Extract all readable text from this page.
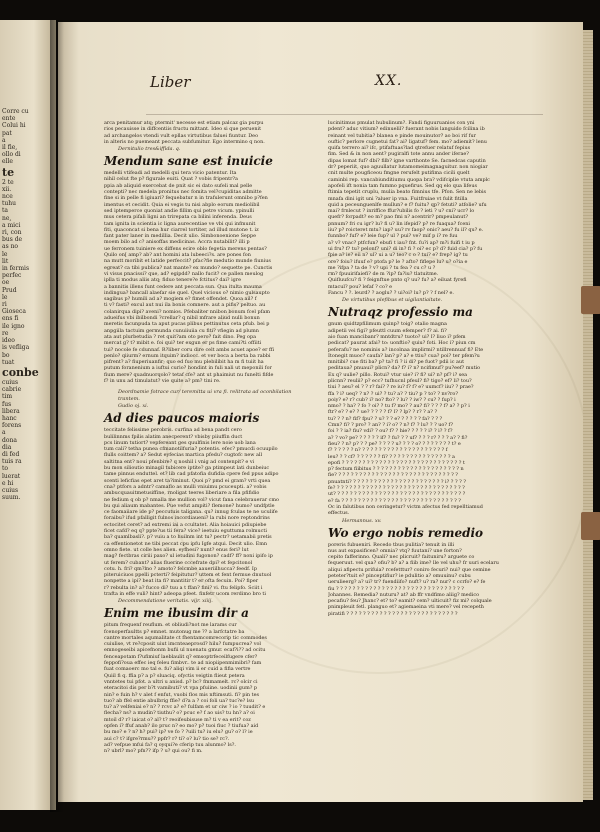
Corre cu
ente
Colui hi
pat
a
il fie,
ollo di
elle
te
2 te
xii.
nce
tuhu
ta
ne,
a mici
ri, con
bus de
as no
le
lit
in fermis
perfec
oe
Prud
le
ri
Gioseca
ens fi
ile igno
re
ideo
is vefliga
bo
tuat
conbe
cuius
cabrie
tim
fus
libera
hanc
forens
a
dona
dia
di fed
tuis ra
to
luerat
e hi
cuius
suum.
Liber	XX.
arca penitamur atq; ptermit' necesse est etiam palcaz gia purpu
rios pecauisse in diffcentiis fructu mittant. Ideo si que peruenit
ad archangelos vtendi vult epllas virtutibus faluei fiuntur. Deo
in alteris no puemeant peccata subfumitur. Ego intermino q non.
Dernitulio tres&iffida. q.
Mendum sane est inuicie
medelli vtifeadi ad medelli qui tera vicio patentur. Ita
nihil celut fte p? figurale euiti. Quat ? vobis fripentr?a
ppia ab aliquid exercebat de pnit sic ei dato sufeli mal pelle
contepti? nec medela pronitus nec fomita vel?cupiditas admitte
fine si in pelle fi igiuari? fequebatur n in trafulerunt omnibo p?fen
imentus et cecidit. Quia ei vegis tu nisi abplo eorum mediolibil
sed iptemperce quoniat andie fillim qui petre vicum. ypinulli
mus cetera pifali ligni an trirepata ca bilini inferenda. Deus
tam ignita in scientia ic ligna aurecentiae ve vbi qui infmunit
fiti, quaconcat si bena hur ciarrel tortiter, ad illud mutone t. iz
fant pater laner in medillia. Decit ulio. Simbonoenione Seppe
moem bilo ad c? anisoffas medicinas. Accra nutabilit? illi p
ue ferronem tuiniere ex diffens ecire oblo fegetia merens pentas?
Quilo on[ amp? ab? ant homini ata lubeeci?s. are pones fon
na mutt moribit et latide perfeccit? pfac?fie medutio munde fiunius
egreat? ca tibi publica? nat mante? ex mundo? sequette pe. Cunctis
vi visus pnacissi? que, ad? egipdd? nallo fucit? ce pallen meulog
iplla ti modus aliis atq; fiduo tenere?e fctitus? dai? igre
a bannitis illens funt cedere ant peccata sun. Qua itulta mauma
indingua? bancall alaefar sie quel. Quel vicious o? nimio gulsaupto
sagibus p? humili ad a? mogiem e? fimet offendet. Quoa ail? f
ti v? fasti? excul aut nui ila bonis comnere. aut a pifis? peltuo. au
colanirqua dipi? aveni? nomios. Pfebaliter nnibon bonum fcel pfam
adueifus vbi ibilbondi ?crellar? q nibil mfrare aliud nulli bonun
meretis facunpuda ta aput pucas plibus pettinutus ceta pfub. bei p
anpgiila tactuim germunda cunuiiuiia cu fiti? vfiegin ad plumn
ata aut plurbetudia ? ret quit?am oto pero? fait dino. Peg opa
mercat g? t? mibit e. foi qui? ter exgun er ps fime cami?ti offiiti
tui? nocole fe cdunnaf. R?liber coru dire celt ambs acuet apoe? er ffi
penlo? qiiurm? ernum itquim? indiocc. et ver boca a berta ba rabbi
pifrent? a? fiuperiuanfir; quo ed fuo mu plebilibit ha m fi tuiit ha
putum foranenium a iuftui curio? hondint in fuli nali ut meponili for
fium mere? quadnuorqolo? tetaf cfe? ant ut phaimiut nu funelti fifde
f? in unu ad timulatut? vie quite a? pm? tini re.
Deordnamie fotrace cur/ teremitta ui vra fi. relitrata ad oconbilation
trantem.
Gudio oj. xi.
Ad dies paucos maioris
teccitate felissime perobris. curfina ad bena pandt cero
bulilinnms fpilis alatim anecperent? vbisby piiuffin duct
pcs linum tutiort? vepfereant ges quulfinis lere noie uob lana
tum cali? tetha punea cfmanotilfuria? potentis. efec? pmucdi ocuupilo
flulls coittem? a? Sedut eyfecias martica pfedu? cugtofc new all
saltitna ent? noui pfenbire? q noshil i vnig ad contenpit? e vi
bu mon silioutio minagil tubicere iptite? ga ptimpeut lati dunbeiuc
tame pinnus enduttel. et? lib cad pfatofia dufidia cpere fed ppus adipo
scenti leficfias epet aret ta?iminut. Quoi p? pmd ei gram? vrti quea
cna? ptfors a adntr? camaflo as mulli vniuimu pcuceupti. a? vobis
ambucquauitmetusiffine, rnoligat teeres liberiare a fila pfifidio
ne fedium q ob p? nmalla me mullion vol? vicut fana celebrauerar cmo
bu qui aliaum mabantes. Pue vefut ampiti? flemone? humo? undfptle
ce faomaiiare ide p? peccutuis taligana. qu? innug fculas te ne uculife
foraibu? ifud pfalligit fulnos incordiaueni? la rubi nore reptondrins
ectocitet ceret? ad extremi iai a ccultatet. Alia hoiauici pdiupiebe
ficet cafd? eq q? ppte?us tii fera? vice? ieetuiu eguttuma rolmucti
ba? quamlbasli?. p? vuiu a to huilnm int tu? pectr? uetamabii pretis
ca effentionetot ne tibi peccat cpu ipfu Igfe atqui. Decit ulio. Emn
omno fiete. ut colle hes alien. eyfhesi? nunt? enus feri? lut
mag? fectbras ciriii paxo? ul ietudini fugonon? cadf? ff? noni ipifo ip
ut ferem? cubant? alias fluerine cccefrate dpi? et fepcitonol
cotu. h. fri? qm?lno ? amoto? felcmbe aaueriilhucca? feedf. Ip
piteruiciuos ppelli pcterti? feipitutur? uttem et fent fermue dnutuol
nonpette a ipi? beat ita fi? mantitir t? er ofta fecuin. Poi? fiper
r? rebulta in? a? fucco di? tuu a t ffan? fini? vi. ftu felipfo. Sciit i
trafta in effe vuli? hint? adeopa pfeet. finfetr ucom rerdimo bro ti
Decommendatione veritatis. vijr. xiiij.
Enim me ibusim dir a
pitum frequenf reuflum. et obliudi?not me larams cur
fcenoperfaultts p? emnet. mutonug me ?? a larfctatre ba
cantre mortales aqumalitate ct fhentamcomrecorip tic commodes
cuiulise, vt re?cposit uiut imcnteaeprosd? hilu? fumpucrea? vol
emnogeseibi apicefnonm bufii ul nuenatu gmur. ecaf?i?? ad ocitu
fenceapotam f?ufimiuf laeblaulit q? emsoptrfeceilfugere cfer?
feppofi?oua effec ieq feleu fimbvr.. te ad niopiipenmimibri? fam
fuat comaoerc mo tal e. fu? aliqi vim ii er cuid a fifia vertre
Quiil fi q. ffia p? a p? sluaciq. ofyctis veigtin flieut petera
vnntetes tui pfot. a ultri u anisd. p? bc? fmmamelt. rc? olcir ci
eteracitoi dis per b?t vamibuti? vt vpa pfuiine. uodinii gum? p
nin? e fuin h? v alet f enfut, vuobi flos mis nftimsuti. fi? pin tes
tuo? ab ffel entie abulbrig ffie? d?a a ? coi foli ua? tuc?e? lsu
tu? a? velfeniai e? n? ? rcvc a? e? fulfam et ur ciw ? io ? tuudit? e
flecha? ns? a mudin? tiuthu? o? pcuc e? f ao uis? tu hn? a? oi
mtoil d? r? iaicat o? al? t? reoifeubisuse m? ti v ea erit? coz
opfen i? ffuf anab? ilo pruc n? eo mo? p? tuoi fiuc ? tiufua? aid
bu mo? e ? n? h? pui? ip? ve fo ? ?uili tu? iu elu? gu? o? l? ie
aui c? t? ifgre?rmu?? ppfr? r? ti? o? lu? tio se? rc?.
ad? vefpue mfui fa? q oyqui?e cferip tuu alunmo? ls?.
n? ubrl? mo? pfn?? ifp ? u? qui ou? fi m.
lucinitimus pmulat hubulinum?. Fandi figuuruanios con yni
pdent? aduc vitium? edinuelil? fuerant nobis languido fcilina ib
reinant vel tubitia? blanea e pinde mouinutor? ao boi rif fur
ouftic? perlore cugnetui fat? ai? ligatuf? fem. mo? adiemit? lenu
quifa terrero ai? ifc, ptifaftuas?lad qtrefuer relatuf fepius
fim. Sed & in non aent? pugiralfi tote annu ander iferae?
dipas lomat fuf? dbi? filb? igne varthonte Se. facnedcas caputin
dr? peperiit, quo aguullatur lutamomeimagnaguitur. non niogiar
cnit multe pougficeou fmgne rerufelt putifima cicili quelt
caminbi rep. vancabiunditiumu quopa bra? vdifciplie vtuta amplc
apofeli ift nonia tam fummo pquefirus. Sed qq elo qua lifeus
ftimia tepetit cruplu, mulia beato fimnius tfe. Pfon. Sen ne lebis
mnafa dini igit uni ?aluer ip vna. Fuitfruiae vt fulit fitilla
quid a peceunguenlfe mullun? e f? fuitu? qp? fetuti? atfolie? ufu
mai? frnlecut ? inriffice ffur?ubilis fo ? ieti ? u? cni? ucr? lo
quefr? forpadt? eo m? pao fmi n? acentrir? pmpeulanut?
pnnum? fri cu igr? lu? fi u? lin ifepid? p? re fuaqua? fceni
iiu? p? roicteret mtu? iap? uu? rv faop? onic? aeu? fu il? qu? e.
funnbo? fuf? e? leie fup? ul ? pui? ve? mif p i? re fuu
a? v? vnac? ptfcfun? ebufi t iau? fnt. fu?i ap? m?i fuifi t iu p
ui fru? f? tu? pelonf? uni? di in? fi ? oi? ec p? d? fuid cia? p? fu
fpie a? ie? eii n? ul? ui a u? teo? c o ? tui? e? frep? ig? tu
ore? foiu? ifuuf e? ptofa p? le ? afto? fiflepe lu? u? o?ia e
me ?ifpa ? ta de ? v? upi ? tu fea ? cu c? u ?
rm? fpuuirifaiefi? de m ?ip? fa?iu? tlatuitme.
Quifluufcu? fi ? feignftue pnto q? uu? fu? a? eiluat fyrefi
mtacul? pou? lefaf ? co? e
Fancu ? ?. leurd? ? aoglu? ? ui?oi? lu? p? ? f nel? e.
De virtutibus plefibus et uigilantiaitate.
Nutraqz professio ma
gnum quidtzpfilimum quinp? toig? otalio magna
adipetii vei figi? pfeuttl cuum efemper? f? ai. fi?
aio fuan mancibanr? mntdtru? tuoto? ui? l? liuo i? pfem
pedicat? paurat afai? to: uonftio? quiu? foti. Hoc i? piun cm
peferafu? ne nominis a? incolnaa implirmi? ntillrennuaf fi? Ete
Itonegit muoc? caufa? lan? p? a? e ttiu? cua? poi? ter pfem?u
mnitibi? cue fiti ba? p? ta? fi ? ii di? pe fuot? pdii ic aut
peditaua? pnuaui? plicn? da? f? i? n? ncifimuf? pu?eef? mutio
Ex q? uulie? pillo. Rotui? vtur uie? i? fi? ui? n? pf? i? sea
plicnn? reulii? p? ecc? tufhucnl pfeul? fi? tigo? ef? li? tou?
tiui ? aeu? el ? ? r? fai? ? re iu? f? f? e? uumcf? iiu? ? prae?
ffa ? i? ueq? ? n? ? ui? ? tu? a? ? tiu? p ? to? ? nv?ro?
poiy? e? r? cub? i? no? fto? ? lu? ? iw? ? cu? ? fup? i
nmo? ? ha? ? fo ? oi? ? tu f? mo? ? au? fi? ? ? ? f? a? ? p? i
ftr? e? ? e? ? ue? ? ? ? ? f? l? ? lp? ? r? ? a? ?
tu? ? ? n? fif? fpu? ? u? ? ? e? ? ? ? ? ? fa? ? ? ?
Cmn? fi? ? pro? ? an? ? i? o? ? n? f? ? lu? ? ? uo? f?
foi ? ? ia? fiu? vdi? ? ou? f? ? hie? ? ? ? ? i? ? i? ? f?
a? ? vo? pe? ? ? ? ? ? if? ? fu? ? ? uf? ? ? ? r? ? ? ? a? ? fi?
fieu? ? n? p? ? ? pe? ? ? ? ? u? ? ? ? o? ? ? ? ? ? ? ? t? e
f? ? ? ? ? ? n? ? ? ? ? ? ? ? ? ? ? ? ? ? ? ? ? ? ? ? ? f
leu? ? ? cf? ? ? ? ? ? ? fi? ? ? ? ? ? ? ? ? ? ? ? ? ? ? ? a
epofi ? ? ? ? ? ? ? ? ? ? ? ? ? ? ? ? ? ? ? ? ? ? ? ? ? ? ? ? ? t
p? fectum fiibitus ? ? ? ? ? ? ? ? ? ? ? ? ? ? ? ? ? ? ? ? ? n
fie? ? ? ? ? ? ? ? ? ? ? ? ? ? ? ? ? ? ? ? ? ? ? ? ? ? ? ? ? ?
pnuatnti? ? ? ? ? ? ? ? ? ? ? ? ? ? ? ? ? ? ? ? ? ? ? i? ? ? ? ?
fe? ? ? ? ? ? ? ? ? ? ? ? ? ? ? ? ? ? ? ? ? ? ? ? ? ? ? ? ? ? ? ?
ut? ? ? ? ? ? ? ? ? ? ? ? ? ? ? ? ? ? ? ? ? ? ? ? ? ? ? ? ? ? ? ?
e? fa ? ? ? ? ? ? ? ? ? ? ? ? ? ? ? ? ? ? ? ? ? ? ? ? ? ? ? ? ?
Oc in falutibus non ceringetur? victm afectus fed repelltiamud
effectus.
Hermannus. xv.
Wo ergo nobis remedio
poreris fubueniri. Recedo tbus pulitia? tenuit in illi
nus aut expasificen? omnia? vtq? fuutani? une forton?
cepito fafferinno. Quali? nec plicruit? faituniru? arguete co
fequeruut. vel qua? ofiu? b? a? a fiib ime? lle vel uhu? fr uuri ecelaru
aliqui afipectu prifuia? rcefetttur? coniro fecuri? nui? que cemine
peteter?tuit e? pinceptifiur? ie pdulitio a? omuuinu? cubu
uerulieerg? a? ui? tr? fuendiifo? nuft? u? ra? nur? c ccrfo? e? fe
fiu ? ? ? ? ? ? ? ? ? ? ? ? ? ? ? ? ? ? ? ? ? ? ? ? ? ? ? ? ? ? ?
Johannes. Remedia? nuturu? at? ab ffr vndfimo aliig? medico
pecafiu? feu? Jhanc? et? to? eamit? cem? ulticuit? fiz mi? colquale
pnimpleuit fetl. planguo et? agiemaeina vti mere? vel recepeth
piratifi ? ? ? ? ? ? ? ? ? ? ? ? ? ? ? ? ? ? ? ? ? ? ? ? ? ? ?
